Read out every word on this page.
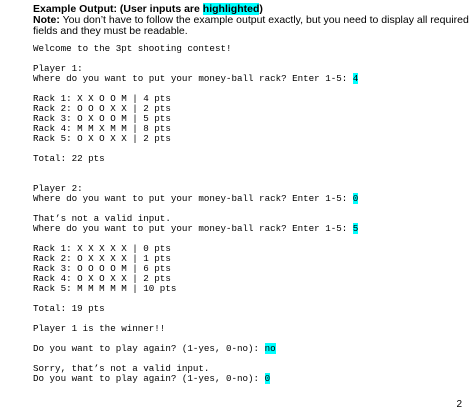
Example Output: (User inputs are highlighted)
Note: You don’t have to follow the example output exactly, but you need to display all required fields and they must be readable.
Welcome to the 3pt shooting contest!
Player 1:
Where do you want to put your money-ball rack? Enter 1-5: 4
Rack 1: X X O O M | 4 pts
Rack 2: O O O X X | 2 pts
Rack 3: O X O O M | 5 pts
Rack 4: M M X M M | 8 pts
Rack 5: O X O X X | 2 pts
Total: 22 pts
Player 2:
Where do you want to put your money-ball rack? Enter 1-5: 0
That’s not a valid input.
Where do you want to put your money-ball rack? Enter 1-5: 5
Rack 1: X X X X X | 0 pts
Rack 2: O X X X X | 1 pts
Rack 3: O O O O M | 6 pts
Rack 4: O X O X X | 2 pts
Rack 5: M M M M M | 10 pts
Total: 19 pts
Player 1 is the winner!!
Do you want to play again? (1-yes, 0-no): no
Sorry, that’s not a valid input.
Do you want to play again? (1-yes, 0-no): 0
2
